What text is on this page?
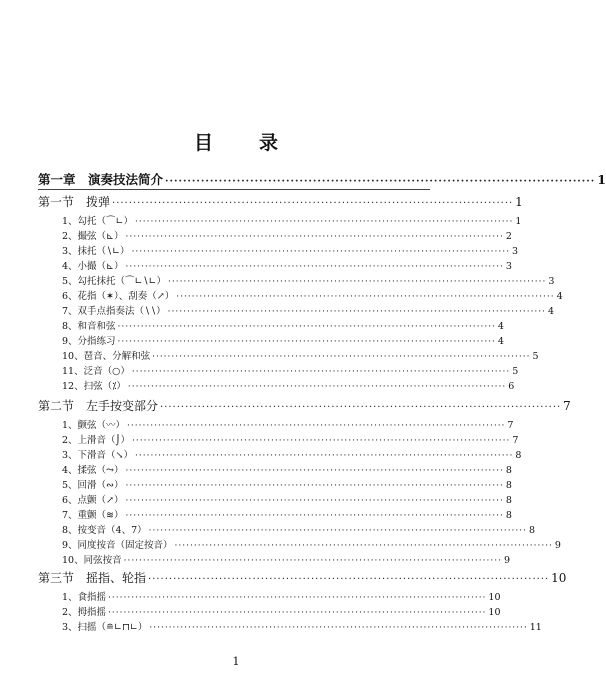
目 录
第一章　演奏技法简介 ································································································ 1
第一节　拨弹 ································································································ 1
1、勾托（⌒∟） ·································································································· 1
2、撮弦（⊾） ·································································································· 2
3、抹托（∖∟） ·································································································· 3
4、小撮（⊾） ·································································································· 3
5、勾托抹托（⌒∟∖∟） ·································································································· 3
6、花指（✶）、刮奏（↗） ·································································································· 4
7、双手点指奏法（∖∖） ·································································································· 4
8、和音和弦 ·································································································· 4
9、分指练习 ·································································································· 4
10、琶音、分解和弦 ·································································································· 5
11、泛音（○） ·································································································· 5
12、扫弦（⁒） ·································································································· 6
第二节　左手按变部分 ································································································ 7
1、颤弦（〰） ·································································································· 7
2、上滑音（⌡） ·································································································· 7
3、下滑音（↘） ·································································································· 8
4、揉弦（⤳） ·································································································· 8
5、回滑（∾） ·································································································· 8
6、点颤（↗） ·································································································· 8
7、重颤（≋） ·································································································· 8
8、按变音（4、7） ·································································································· 8
9、同度按音（固定按音） ·································································································· 9
10、同弦按音 ·································································································· 9
第三节　摇指、轮指 ································································································ 10
1、食指摇 ·································································································· 10
2、拇指摇 ·································································································· 10
3、扫摇（≘∟⊓∟） ·································································································· 11
1
